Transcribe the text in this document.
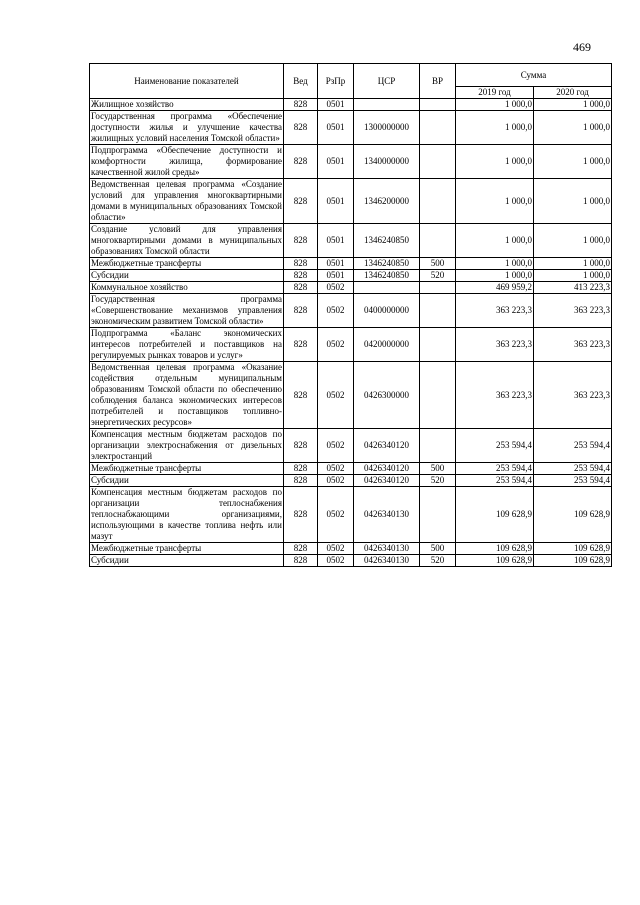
469
Наименование показателей	Вед	РзПр	ЦСР	ВР	Сумма	
					2019 год	2020 год
Жилищное хозяйство	828	0501			1 000,0	1 000,0
Государственная программа «Обеспечение доступности жилья и улучшение качества жилищных условий населения Томской области»	828	0501	1300000000		1 000,0	1 000,0
Подпрограмма «Обеспечение доступности и комфортности жилища, формирование качественной жилой среды»	828	0501	1340000000		1 000,0	1 000,0
Ведомственная целевая программа «Создание условий для управления многоквартирными домами в муниципальных образованиях Томской области»	828	0501	1346200000		1 000,0	1 000,0
Создание условий для управления многоквартирными домами в муниципальных образованиях Томской области	828	0501	1346240850		1 000,0	1 000,0
Межбюджетные трансферты	828	0501	1346240850	500	1 000,0	1 000,0
Субсидии	828	0501	1346240850	520	1 000,0	1 000,0
Коммунальное хозяйство	828	0502			469 959,2	413 223,3
Государственная программа «Совершенствование механизмов управления экономическим развитием Томской области»	828	0502	0400000000		363 223,3	363 223,3
Подпрограмма «Баланс экономических интересов потребителей и поставщиков на регулируемых рынках товаров и услуг»	828	0502	0420000000		363 223,3	363 223,3
Ведомственная целевая программа «Оказание содействия отдельным муниципальным образованиям Томской области по обеспечению соблюдения баланса экономических интересов потребителей и поставщиков топливно-энергетических ресурсов»	828	0502	0426300000		363 223,3	363 223,3
Компенсация местным бюджетам расходов по организации электроснабжения от дизельных электростанций	828	0502	0426340120		253 594,4	253 594,4
Межбюджетные трансферты	828	0502	0426340120	500	253 594,4	253 594,4
Субсидии	828	0502	0426340120	520	253 594,4	253 594,4
Компенсация местным бюджетам расходов по организации теплоснабжения теплоснабжающими организациями, использующими в качестве топлива нефть или мазут	828	0502	0426340130		109 628,9	109 628,9
Межбюджетные трансферты	828	0502	0426340130	500	109 628,9	109 628,9
Субсидии	828	0502	0426340130	520	109 628,9	109 628,9
